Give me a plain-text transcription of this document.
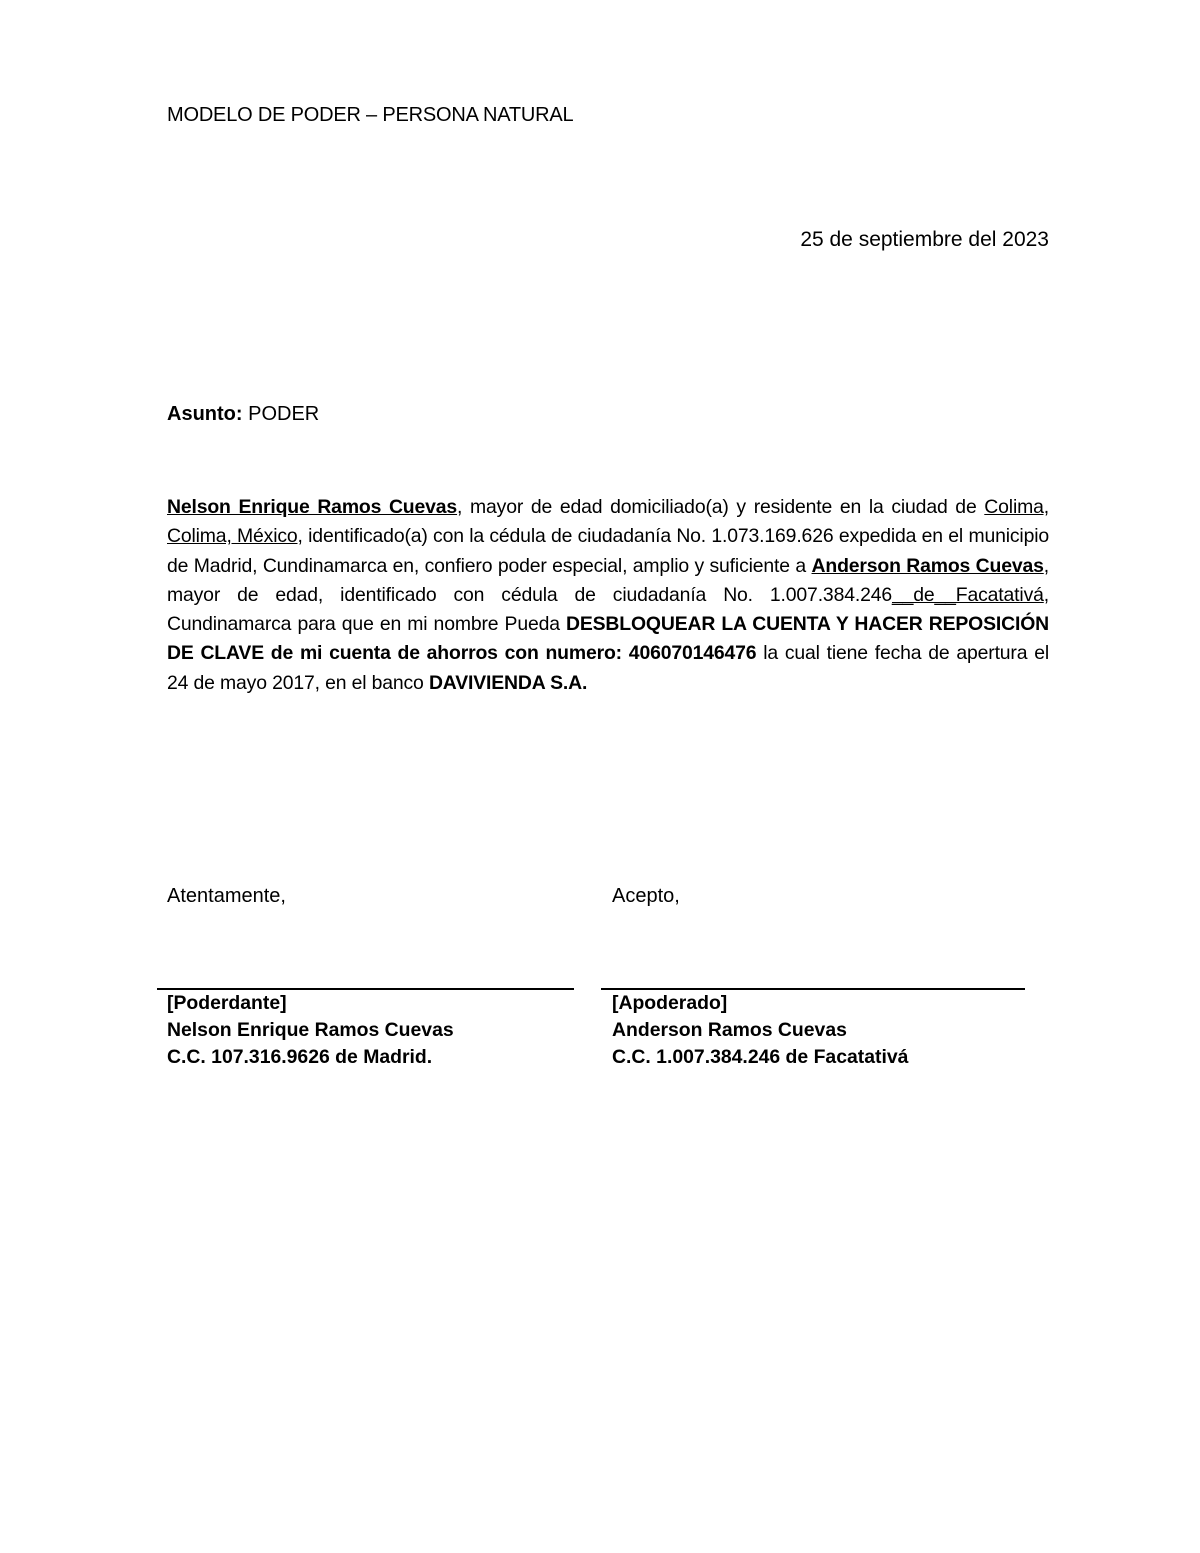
MODELO DE PODER – PERSONA NATURAL
25 de septiembre del 2023
Asunto: PODER
Nelson Enrique Ramos Cuevas, mayor de edad domiciliado(a) y residente en la ciudad de Colima, Colima, México, identificado(a) con la cédula de ciudadanía No. 1.073.169.626 expedida en el municipio de Madrid, Cundinamarca en, confiero poder especial, amplio y suficiente a Anderson Ramos Cuevas, mayor de edad, identificado con cédula de ciudadanía No. 1.007.384.246__de__Facatativá, Cundinamarca para que en mi nombre Pueda DESBLOQUEAR LA CUENTA Y HACER REPOSICIÓN DE CLAVE de mi cuenta de ahorros con numero: 406070146476 la cual tiene fecha de apertura el 24 de mayo 2017, en el banco DAVIVIENDA S.A.
Atentamente,	Acepto,
[Poderdante]
Nelson Enrique Ramos Cuevas
C.C. 107.316.9626 de Madrid.
[Apoderado]
Anderson Ramos Cuevas
C.C. 1.007.384.246 de Facatativá
